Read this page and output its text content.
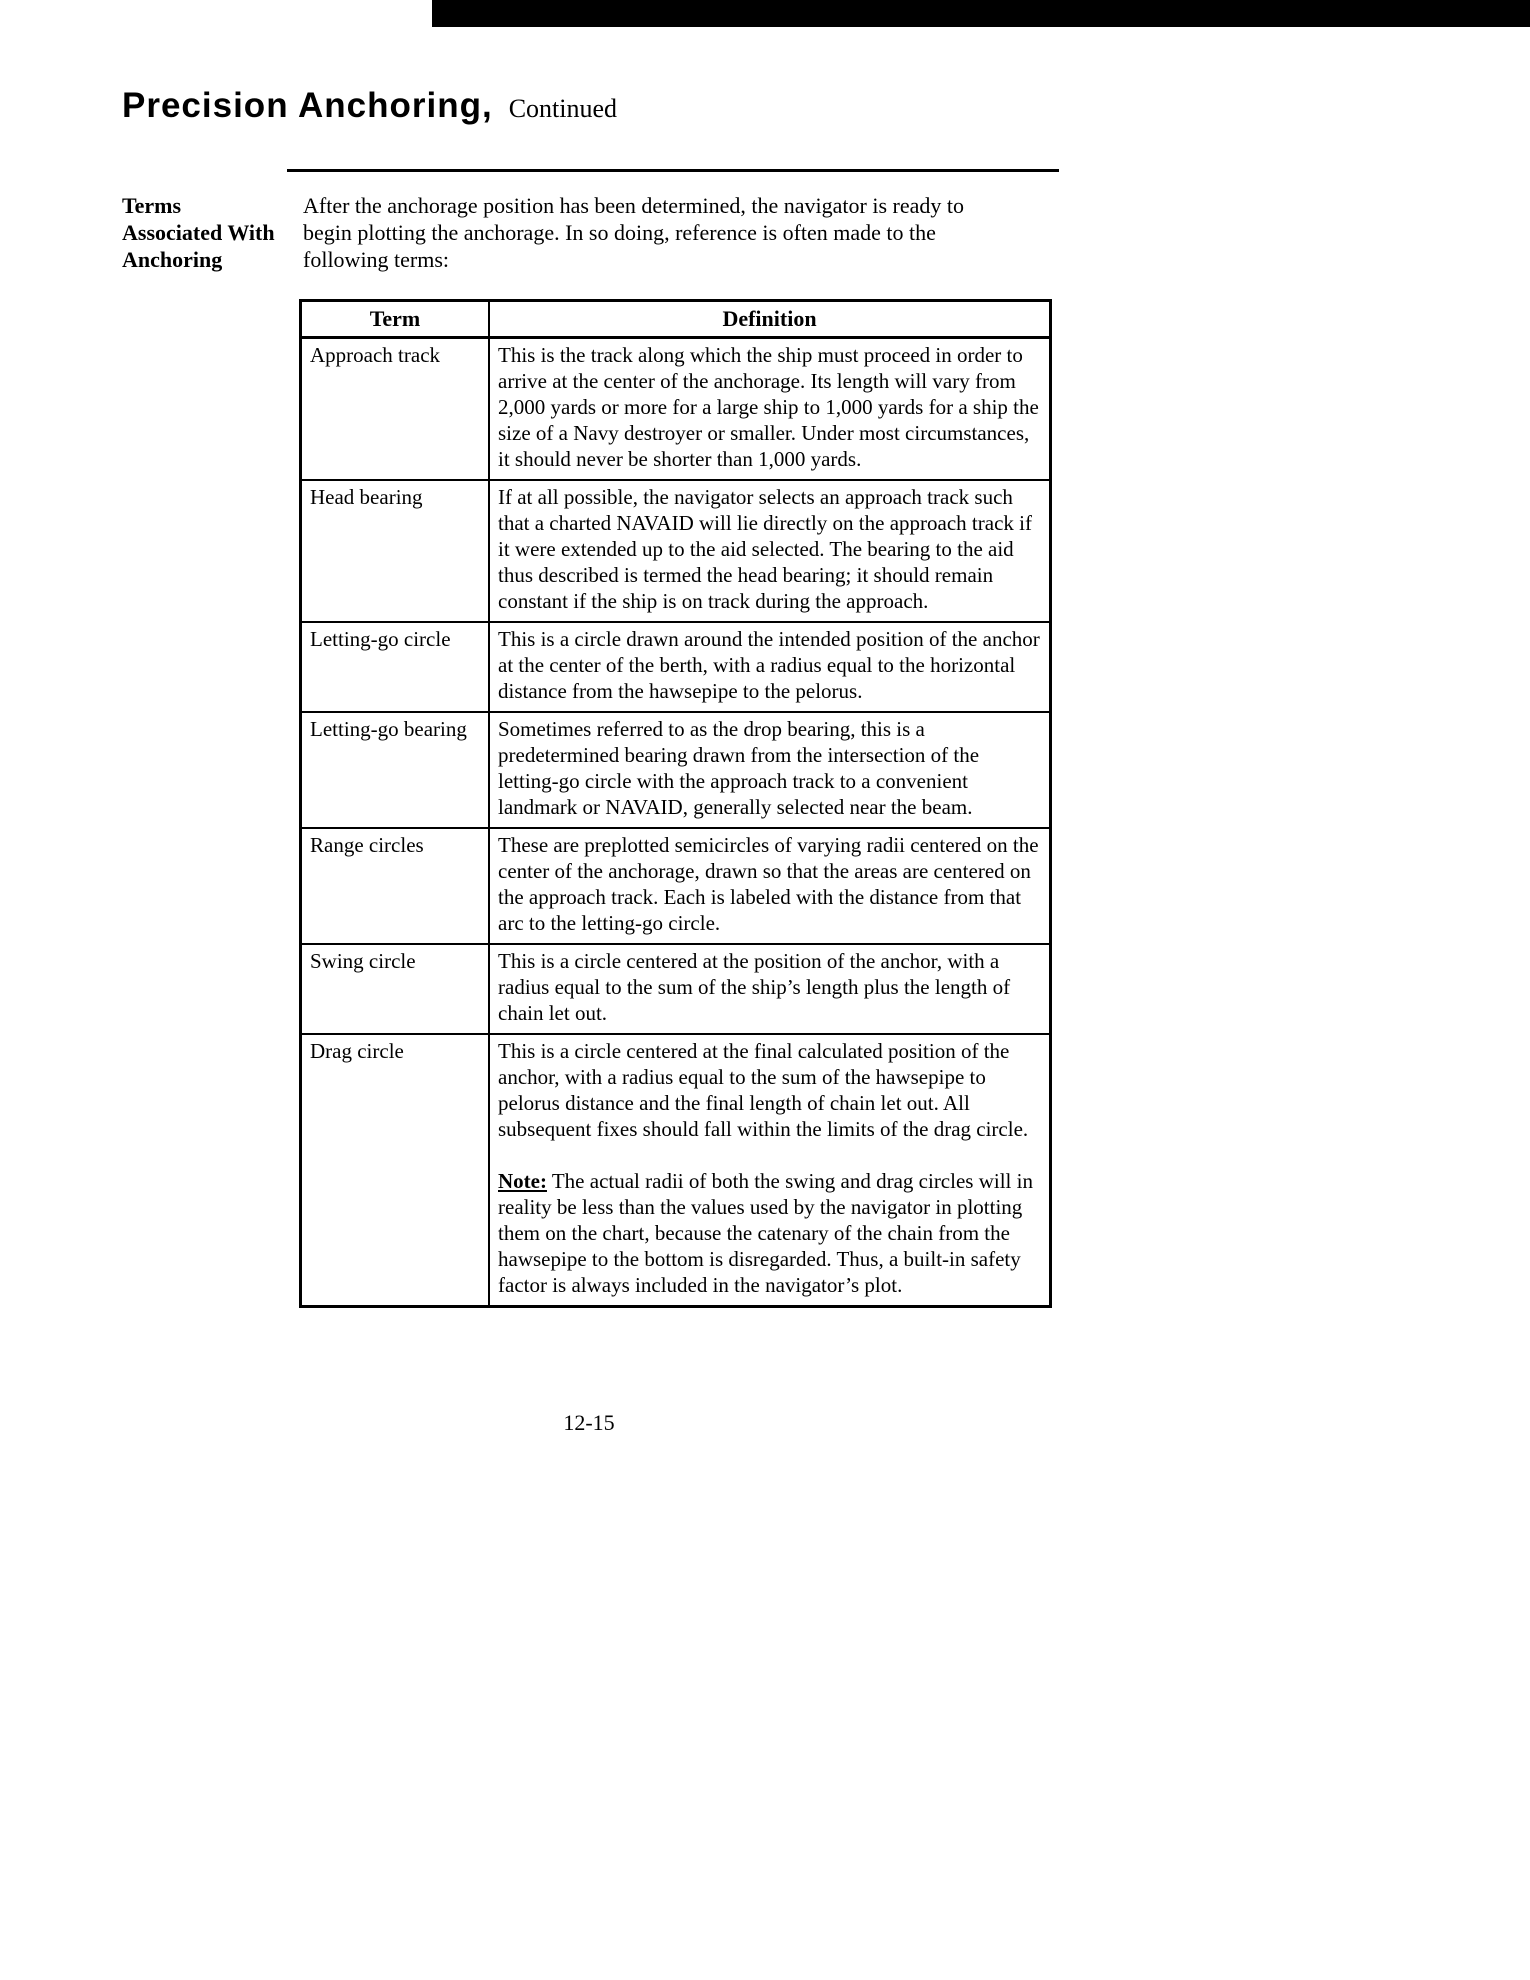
Precision Anchoring, Continued
Terms
Associated With
Anchoring

After the anchorage position has been determined, the navigator is ready to begin plotting the anchorage. In so doing, reference is often made to the following terms:

Term	Definition
Approach track	This is the track along which the ship must proceed in order to arrive at the center of the anchorage. Its length will vary from 2,000 yards or more for a large ship to 1,000 yards for a ship the size of a Navy destroyer or smaller. Under most circumstances, it should never be shorter than 1,000 yards.

Head bearing	If at all possible, the navigator selects an approach track such that a charted NAVAID will lie directly on the approach track if it were extended up to the aid selected. The bearing to the aid thus described is termed the head bearing; it should remain constant if the ship is on track during the approach.

Letting-go circle	This is a circle drawn around the intended position of the anchor at the center of the berth, with a radius equal to the horizontal distance from the hawsepipe to the pelorus.

Letting-go bearing	Sometimes referred to as the drop bearing, this is a predetermined bearing drawn from the intersection of the letting-go circle with the approach track to a convenient landmark or NAVAID, generally selected near the beam.

Range circles	These are preplotted semicircles of varying radii centered on the center of the anchorage, drawn so that the areas are centered on the approach track. Each is labeled with the distance from that arc to the letting-go circle.

Swing circle	This is a circle centered at the position of the anchor, with a radius equal to the sum of the ship’s length plus the length of chain let out.

Drag circle	This is a circle centered at the final calculated position of the anchor, with a radius equal to the sum of the hawsepipe to pelorus distance and the final length of chain let out. All subsequent fixes should fall within the limits of the drag circle.

Note: The actual radii of both the swing and drag circles will in reality be less than the values used by the navigator in plotting them on the chart, because the catenary of the chain from the hawsepipe to the bottom is disregarded. Thus, a built-in safety factor is always included in the navigator’s plot.

12-15
